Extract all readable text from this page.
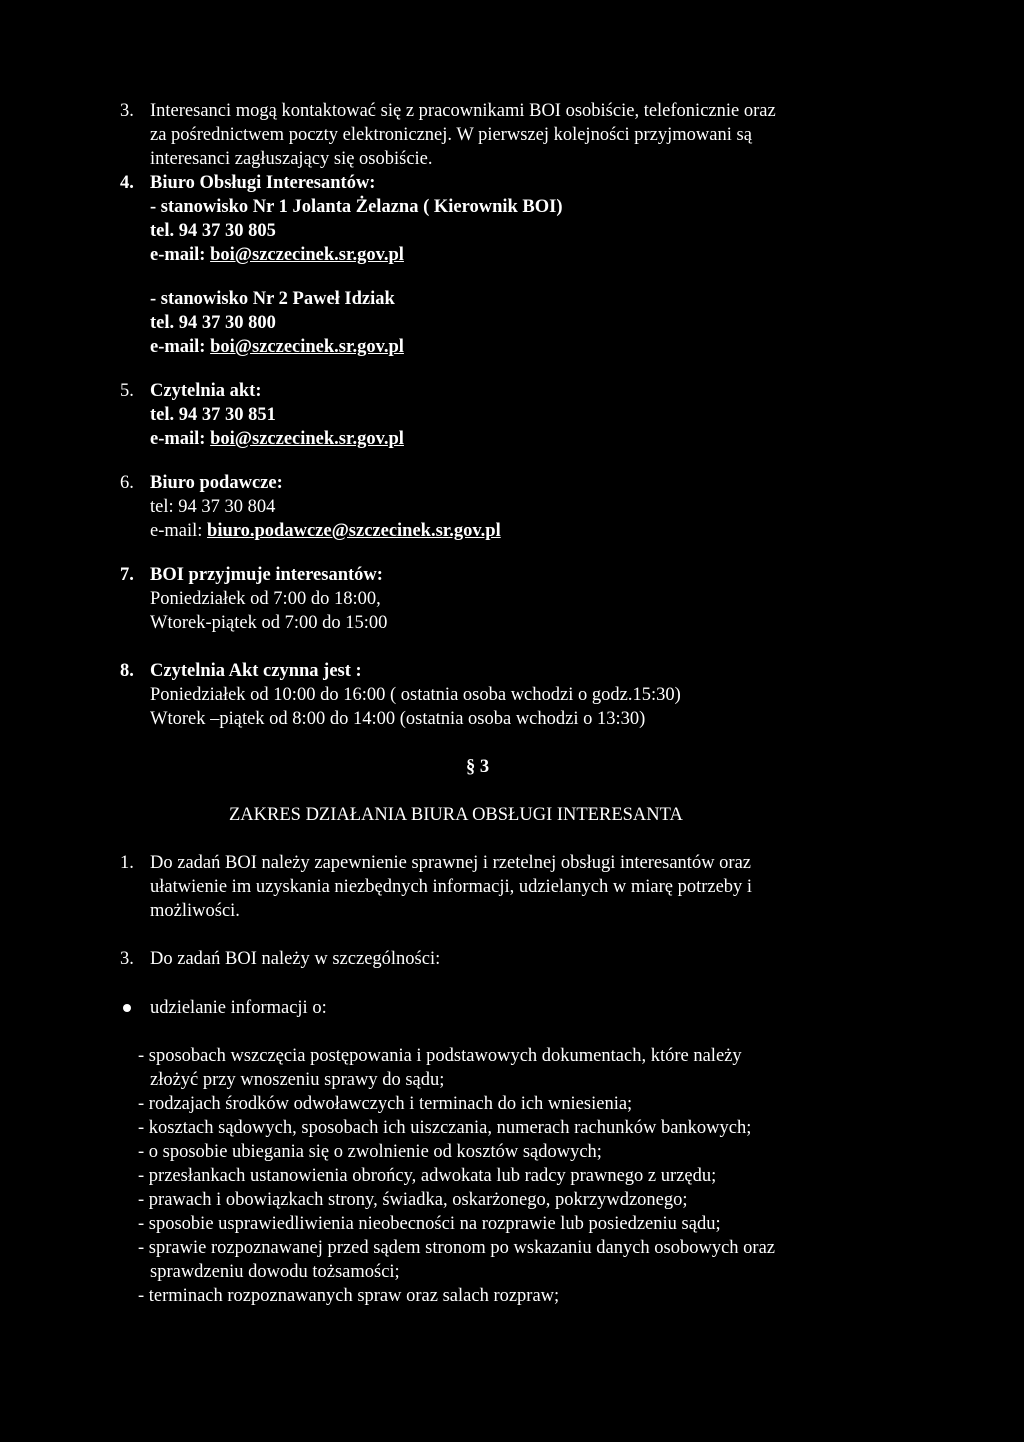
3. Interesanci mogą kontaktować się z pracownikami BOI osobiście, telefonicznie oraz
za pośrednictwem poczty elektronicznej. W pierwszej kolejności przyjmowani są
interesanci zagłuszający się osobiście.
4. Biuro Obsługi Interesantów:
- stanowisko Nr 1 Jolanta Żelazna ( Kierownik BOI)
tel. 94 37 30 805
e-mail: boi@szczecinek.sr.gov.pl
- stanowisko Nr 2 Paweł Idziak
tel. 94 37 30 800
e-mail: boi@szczecinek.sr.gov.pl
5. Czytelnia akt:
tel. 94 37 30 851
e-mail: boi@szczecinek.sr.gov.pl
6. Biuro podawcze:
tel: 94 37 30 804
e-mail: biuro.podawcze@szczecinek.sr.gov.pl
7. BOI przyjmuje interesantów:
Poniedziałek od 7:00 do 18:00,
Wtorek-piątek od 7:00 do 15:00
8. Czytelnia Akt czynna jest :
Poniedziałek od 10:00 do 16:00 ( ostatnia osoba wchodzi o godz.15:30)
Wtorek –piątek od 8:00 do 14:00 (ostatnia osoba wchodzi o 13:30)
§ 3
ZAKRES DZIAŁANIA BIURA OBSŁUGI INTERESANTA
1. Do zadań BOI należy zapewnienie sprawnej i rzetelnej obsługi interesantów oraz
ułatwienie im uzyskania niezbędnych informacji, udzielanych w miarę potrzeby i
możliwości.
3. Do zadań BOI należy w szczególności:
udzielanie informacji o:
- sposobach wszczęcia postępowania i podstawowych dokumentach, które należy
złożyć przy wnoszeniu sprawy do sądu;
- rodzajach środków odwoławczych i terminach do ich wniesienia;
- kosztach sądowych, sposobach ich uiszczania, numerach rachunków bankowych;
- o sposobie ubiegania się o zwolnienie od kosztów sądowych;
- przesłankach ustanowienia obrońcy, adwokata lub radcy prawnego z urzędu;
- prawach i obowiązkach strony, świadka, oskarżonego, pokrzywdzonego;
- sposobie usprawiedliwienia nieobecności na rozprawie lub posiedzeniu sądu;
- sprawie rozpoznawanej przed sądem stronom po wskazaniu danych osobowych oraz
sprawdzeniu dowodu tożsamości;
- terminach rozpoznawanych spraw oraz salach rozpraw;
